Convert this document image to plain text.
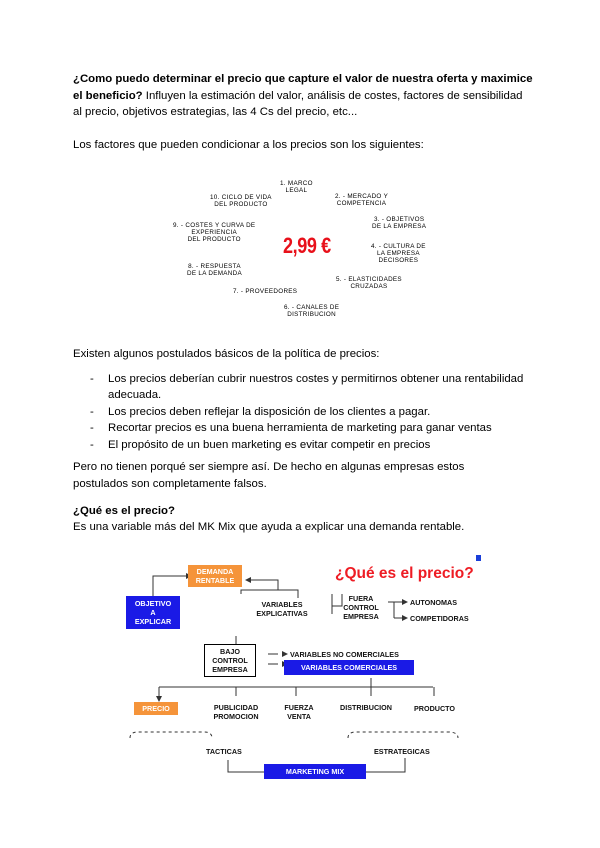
¿Como puedo determinar el precio que capture el valor de nuestra oferta y maximice el beneficio? Influyen la estimación del valor, análisis de costes, factores de sensibilidad al precio, objetivos estrategias, las 4 Cs del precio, etc...
Los factores que pueden condicionar a los precios son los siguientes:
1. MARCO
LEGAL
2. - MERCADO Y
COMPETENCIA
3. - OBJETIVOS
DE LA EMPRESA
4. - CULTURA DE
LA EMPRESA
DECISORES
5. - ELASTICIDADES
CRUZADAS
6. - CANALES DE
DISTRIBUCION
7. - PROVEEDORES
8. - RESPUESTA
DE LA DEMANDA
9. - COSTES Y CURVA DE
EXPERIENCIA
DEL PRODUCTO
10. CICLO DE VIDA
DEL PRODUCTO
2,99 €
Existen algunos postulados básicos de la política de precios:
- Los precios deberían cubrir nuestros costes y permitirnos obtener una rentabilidad adecuada.
- Los precios deben reflejar la disposición de los clientes a pagar.
- Recortar precios es una buena herramienta de marketing para ganar ventas
- El propósito de un buen marketing es evitar competir en precios
Pero no tienen porqué ser siempre así. De hecho en algunas empresas estos postulados son completamente falsos.
¿Qué es el precio?
Es una variable más del MK Mix que ayuda a explicar una demanda rentable.
¿Qué es el precio?
DEMANDA
RENTABLE
OBJETIVO
A
EXPLICAR
VARIABLES
EXPLICATIVAS
FUERA
CONTROL
EMPRESA
AUTONOMAS
COMPETIDORAS
BAJO
CONTROL
EMPRESA
VARIABLES NO COMERCIALES
VARIABLES COMERCIALES
PRECIO	PUBLICIDAD
PROMOCION
FUERZA
VENTA
DISTRIBUCION	PRODUCTO
TACTICAS	ESTRATEGICAS
MARKETING MIX
